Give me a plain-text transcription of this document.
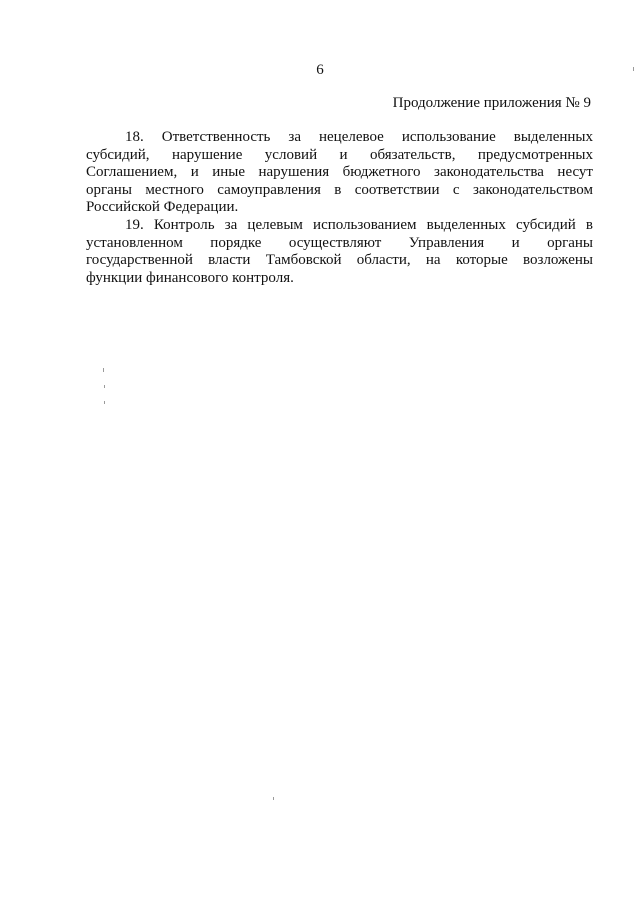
6
Продолжение приложения № 9
18. Ответственность за нецелевое использование выделенных
субсидий, нарушение условий и обязательств, предусмотренных
Соглашением, и иные нарушения бюджетного законодательства несут
органы местного самоуправления в соответствии с законодательством
Российской Федерации.
19. Контроль за целевым использованием выделенных субсидий в
установленном порядке осуществляют Управления и органы
государственной власти Тамбовской области, на которые возложены
функции финансового контроля.
